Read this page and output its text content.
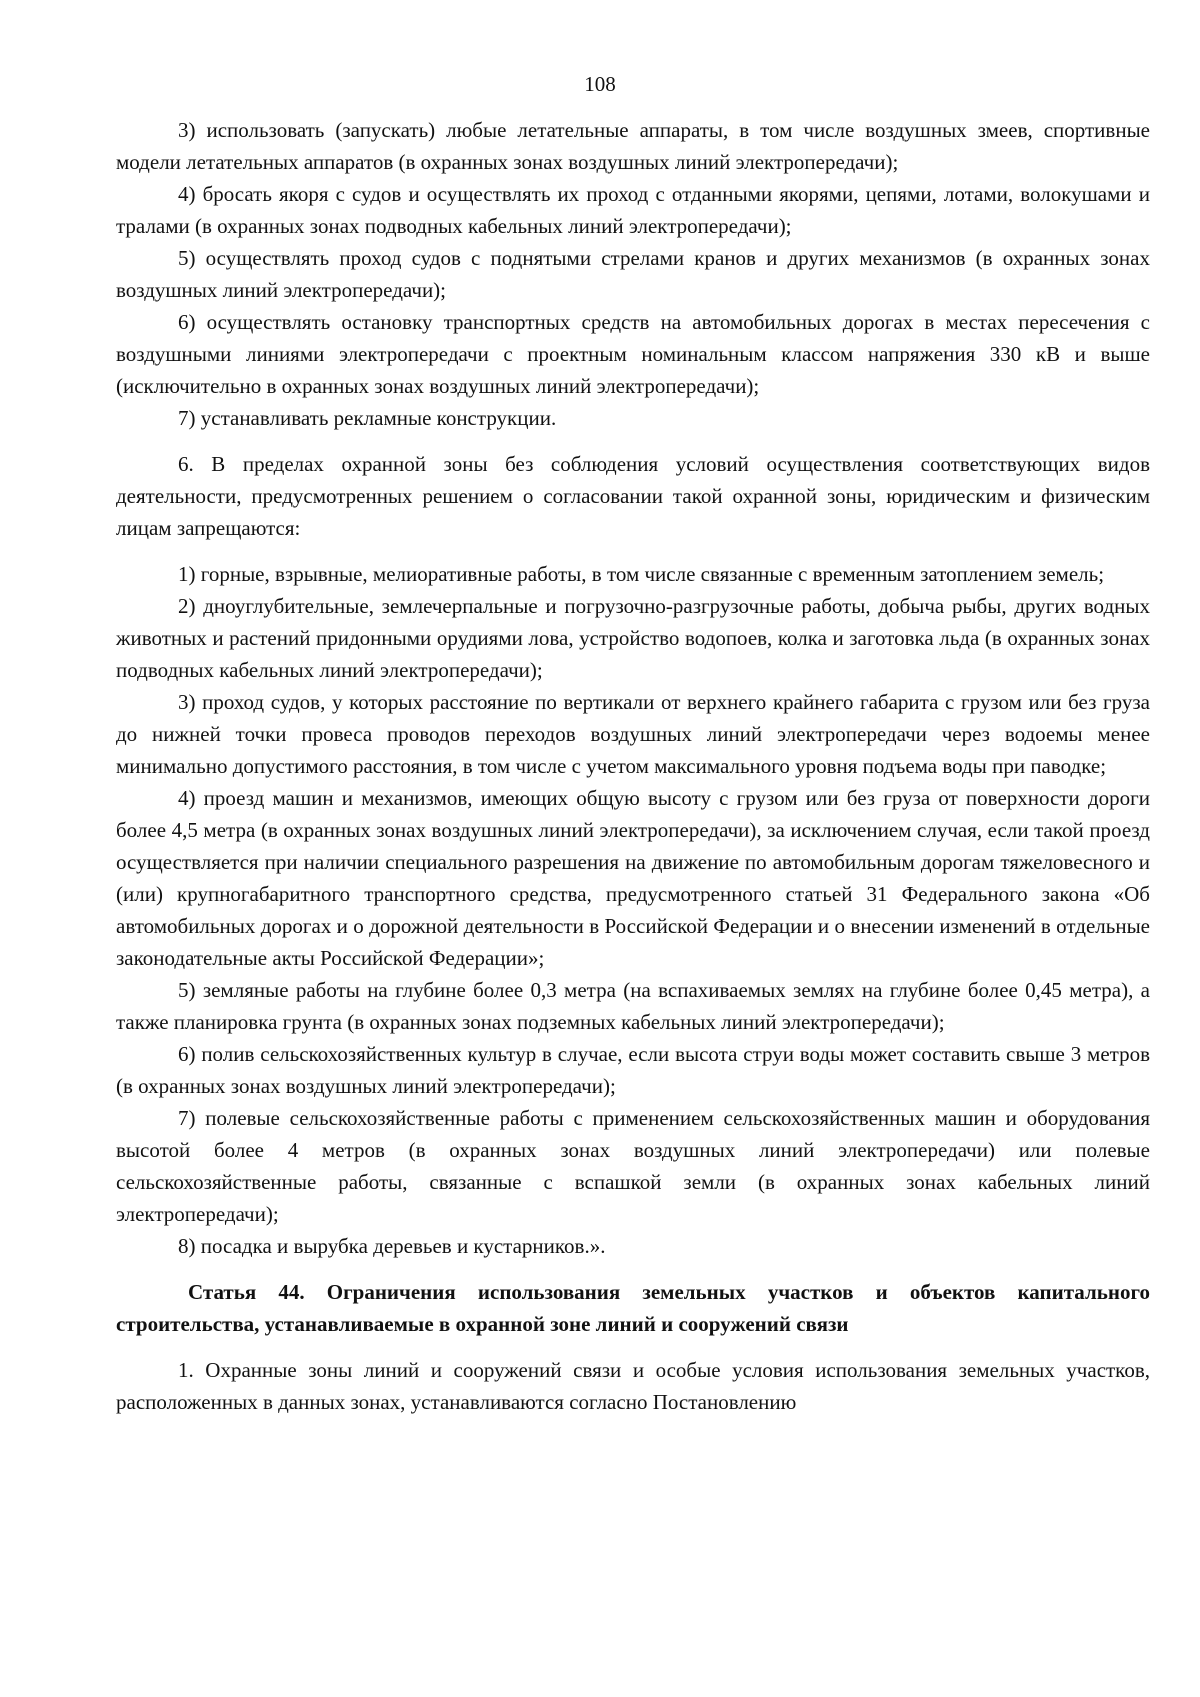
108

3) использовать (запускать) любые летательные аппараты, в том числе воздушных змеев, спортивные модели летательных аппаратов (в охранных зонах воздушных линий электропередачи);

4) бросать якоря с судов и осуществлять их проход с отданными якорями, цепями, лотами, волокушами и тралами (в охранных зонах подводных кабельных линий электропередачи);

5) осуществлять проход судов с поднятыми стрелами кранов и других механизмов (в охранных зонах воздушных линий электропередачи);

6) осуществлять остановку транспортных средств на автомобильных дорогах в местах пересечения с воздушными линиями электропередачи с проектным номинальным классом напряжения 330 кВ и выше (исключительно в охранных зонах воздушных линий электропередачи);

7) устанавливать рекламные конструкции.

6. В пределах охранной зоны без соблюдения условий осуществления соответствующих видов деятельности, предусмотренных решением о согласовании такой охранной зоны, юридическим и физическим лицам запрещаются:

1) горные, взрывные, мелиоративные работы, в том числе связанные с временным затоплением земель;

2) дноуглубительные, землечерпальные и погрузочно-разгрузочные работы, добыча рыбы, других водных животных и растений придонными орудиями лова, устройство водопоев, колка и заготовка льда (в охранных зонах подводных кабельных линий электропередачи);

3) проход судов, у которых расстояние по вертикали от верхнего крайнего габарита с грузом или без груза до нижней точки провеса проводов переходов воздушных линий электропередачи через водоемы менее минимально допустимого расстояния, в том числе с учетом максимального уровня подъема воды при паводке;

4) проезд машин и механизмов, имеющих общую высоту с грузом или без груза от поверхности дороги более 4,5 метра (в охранных зонах воздушных линий электропередачи), за исключением случая, если такой проезд осуществляется при наличии специального разрешения на движение по автомобильным дорогам тяжеловесного и (или) крупногабаритного транспортного средства, предусмотренного статьей 31 Федерального закона «Об автомобильных дорогах и о дорожной деятельности в Российской Федерации и о внесении изменений в отдельные законодательные акты Российской Федерации»;

5) земляные работы на глубине более 0,3 метра (на вспахиваемых землях на глубине более 0,45 метра), а также планировка грунта (в охранных зонах подземных кабельных линий электропередачи);

6) полив сельскохозяйственных культур в случае, если высота струи воды может составить свыше 3 метров (в охранных зонах воздушных линий электропередачи);

7) полевые сельскохозяйственные работы с применением сельскохозяйственных машин и оборудования высотой более 4 метров (в охранных зонах воздушных линий электропередачи) или полевые сельскохозяйственные работы, связанные с вспашкой земли (в охранных зонах кабельных линий электропередачи);

8) посадка и вырубка деревьев и кустарников.».

Статья 44. Ограничения использования земельных участков и объектов капитального строительства, устанавливаемые в охранной зоне линий и сооружений связи

1. Охранные зоны линий и сооружений связи и особые условия использования земельных участков, расположенных в данных зонах, устанавливаются согласно Постановлению
